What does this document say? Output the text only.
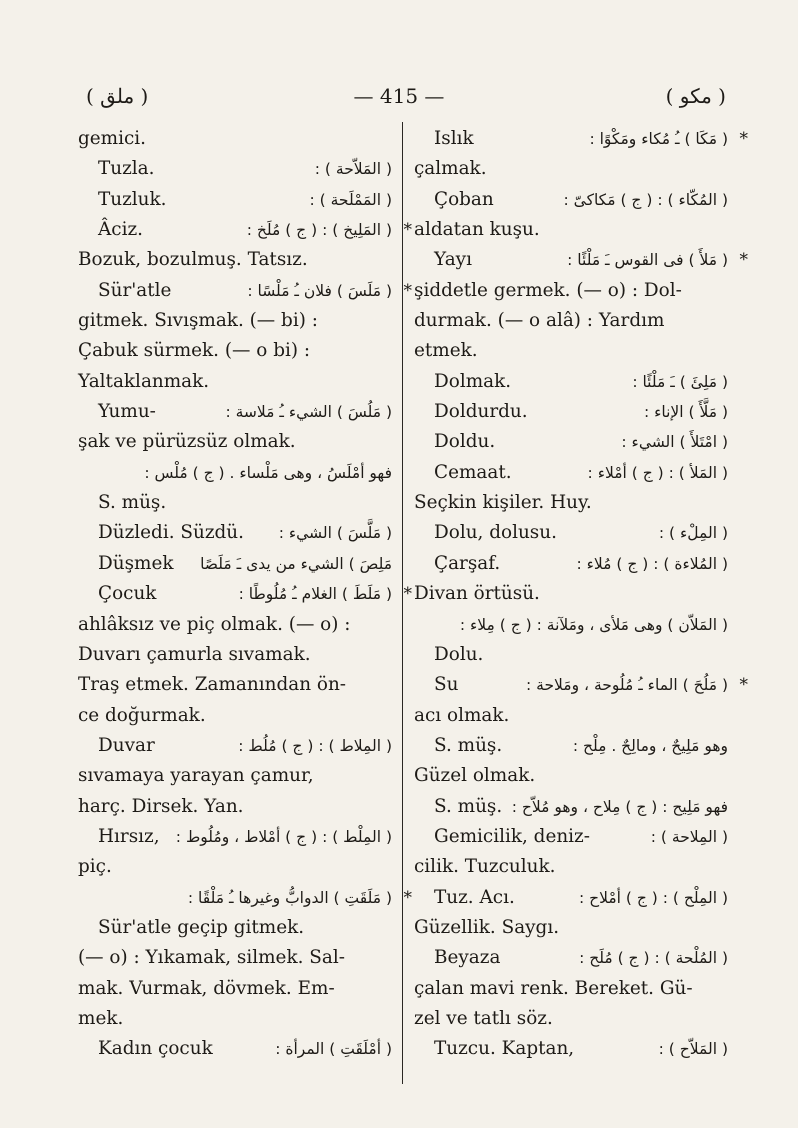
( ملق )	— 415 —	( مكو )
gemici.
Tuzla.	( المَلاّحة ) :
Tuzluk.	( المَمْلَحة ) :
Âciz.	( المَلِيخ ) : ( ج ) مُلَخ : *
Bozuk, bozulmuş. Tatsız.
Sür'atle	( مَلَسَ ) فلان ـُ مَلْسًا : *
gitmek. Sıvışmak. (— bi) :
Çabuk sürmek. (— o bi) :
Yaltaklanmak.
Yumu-	( مَلُسَ ) الشيء ـُ مَلاسة :
şak ve pürüzsüz olmak.
فهو أمْلَسُ ، وهى مَلْساء . ( ج ) مُلْس :
S. müş.
Düzledi. Süzdü. ( مَلَّسَ ) الشيء :
Düşmek مَلِصَ ) الشيء من يدى ـَ مَلَصًا
Çocuk	( مَلَطَ ) الغلام ـُ مُلُوطًا : *
ahlâksız ve piç olmak. (— o) :
Duvarı çamurla sıvamak.
Traş etmek. Zamanından ön-
ce doğurmak.
Duvar	( المِلاط ) : ( ج ) مُلُط :
sıvamaya yarayan çamur,
harç. Dirsek. Yan.
Hırsız, ( المِلْط ) : ( ج ) أمْلاط ، ومُلُوط :
piç.
( مَلَقَتِ ) الدوابُّ وغيرها ـُ مَلْقًا : *
Sür'atle geçip gitmek.
(— o) : Yıkamak, silmek. Sal-
mak. Vurmak, dövmek. Em-
mek.
Kadın çocuk	( أمْلَقَتِ ) المرأة :
Islık	( مَكَا ) ـُ مُكاء ومَكْوًا : *
çalmak.
Çoban	( المُكّاء ) : ( ج ) مَكاكىّ :
aldatan kuşu.
Yayı	( مَلأَ ) فى القوس ـَ مَلْئًا : *
şiddetle germek. (— o) : Dol-
durmak. (— o alâ) : Yardım
etmek.
Dolmak.	( مَلِئَ ) ـَ مَلْئًا :
Doldurdu.	( مَلَّأَ ) الإناء :
Doldu.	( امْتَلأَ ) الشيء :
Cemaat.	( المَلأ ) : ( ج ) أمْلاء :
Seçkin kişiler. Huy.
Dolu, dolusu.	( المِلْء ) :
Çarşaf.	( المُلاءة ) : ( ج ) مُلاء :
Divan örtüsü.
( المَلاّن ) وهى مَلأى ، ومَلآنة : ( ج ) مِلاء :
Dolu.
Su	( مَلُحَ ) الماء ـُ مُلُوحة ، ومَلاحة : *
acı olmak.
S. müş.	وهو مَلِيحٌ ، ومالِحٌ . مِلْح :
Güzel olmak.
S. müş. فهو مَلِيح : ( ج ) مِلاح ، وهو مُلاّح :
Gemicilik, deniz-	( المِلاحة ) :
cilik. Tuzculuk.
Tuz. Acı.	( المِلْح ) : ( ج ) أمْلاح :
Güzellik. Saygı.
Beyaza	( المُلْحة ) : ( ج ) مُلَح :
çalan mavi renk. Bereket. Gü-
zel ve tatlı söz.
Tuzcu. Kaptan,	( المَلاّح ) :
